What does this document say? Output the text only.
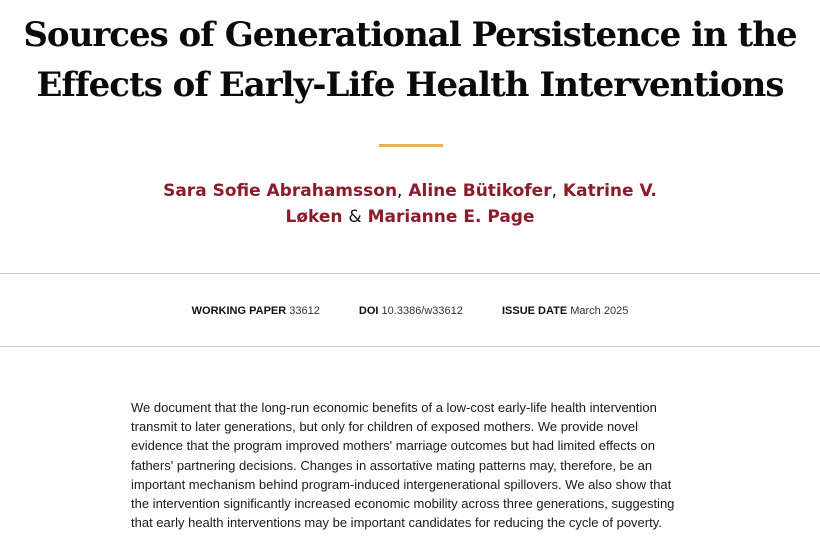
Sources of Generational Persistence in the
Effects of Early-Life Health Interventions
Sara Sofie Abrahamsson, Aline Bütikofer, Katrine V.
Løken & Marianne E. Page
WORKING PAPER 33612	DOI 10.3386/w33612	ISSUE DATE March 2025

We document that the long-run economic benefits of a low-cost early-life health intervention transmit to later generations, but only for children of exposed mothers. We provide novel evidence that the program improved mothers' marriage outcomes but had limited effects on fathers' partnering decisions. Changes in assortative mating patterns may, therefore, be an important mechanism behind program-induced intergenerational spillovers. We also show that the intervention significantly increased economic mobility across three generations, suggesting that early health interventions may be important candidates for reducing the cycle of poverty.
